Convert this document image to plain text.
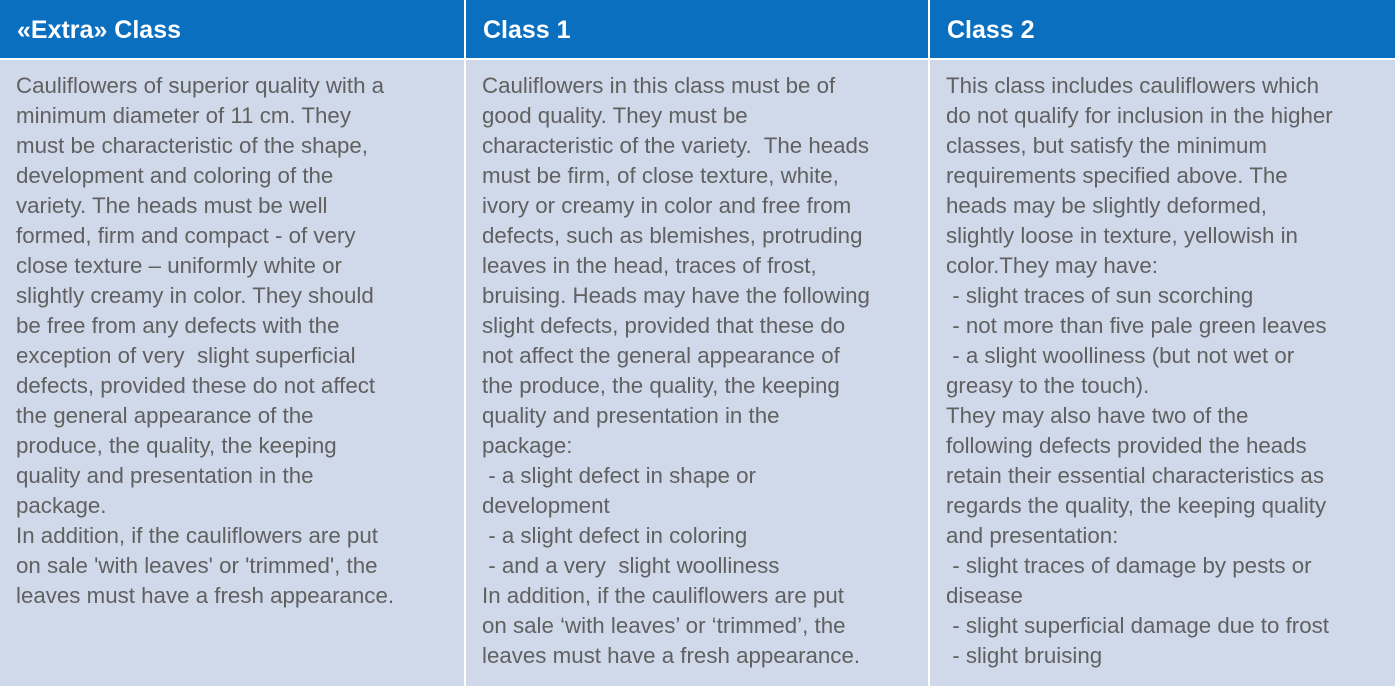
«Extra» Class	Class 1	Class 2
Cauliflowers of superior quality with a
minimum diameter of 11 cm. They
must be characteristic of the shape,
development and coloring of the
variety. The heads must be well
formed, firm and compact - of very
close texture – uniformly white or
slightly creamy in color. They should
be free from any defects with the
exception of very  slight superficial
defects, provided these do not affect
the general appearance of the
produce, the quality, the keeping
quality and presentation in the
package.
In addition, if the cauliflowers are put
on sale 'with leaves' or 'trimmed', the
leaves must have a fresh appearance.
Cauliflowers in this class must be of
good quality. They must be
characteristic of the variety.  The heads
must be firm, of close texture, white,
ivory or creamy in color and free from
defects, such as blemishes, protruding
leaves in the head, traces of frost,
bruising. Heads may have the following
slight defects, provided that these do
not affect the general appearance of
the produce, the quality, the keeping
quality and presentation in the
package:
- a slight defect in shape or
development
- a slight defect in coloring
- and a very  slight woolliness
In addition, if the cauliflowers are put
on sale ‘with leaves’ or ‘trimmed’, the
leaves must have a fresh appearance.
This class includes cauliflowers which
do not qualify for inclusion in the higher
classes, but satisfy the minimum
requirements specified above. The
heads may be slightly deformed,
slightly loose in texture, yellowish in
color.They may have:
- slight traces of sun scorching
- not more than five pale green leaves
- a slight woolliness (but not wet or
greasy to the touch).
They may also have two of the
following defects provided the heads
retain their essential characteristics as
regards the quality, the keeping quality
and presentation:
- slight traces of damage by pests or
disease
- slight superficial damage due to frost
- slight bruising
